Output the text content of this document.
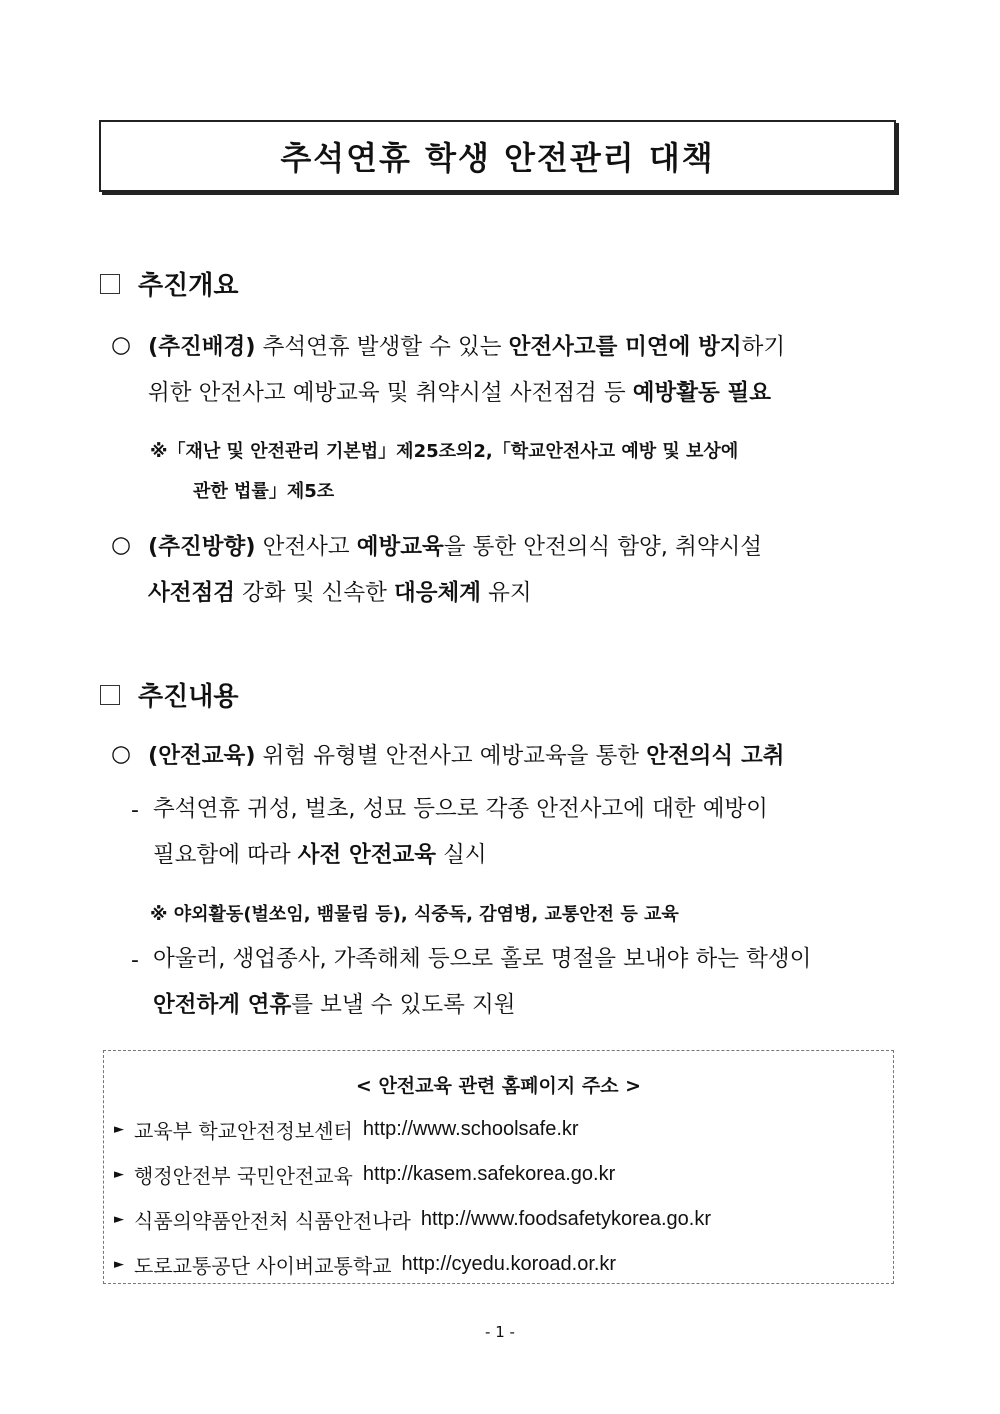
추석연휴 학생 안전관리 대책
추진개요
○ (추진배경) 추석연휴 발생할 수 있는 안전사고를 미연에 방지하기
위한 안전사고 예방교육 및 취약시설 사전점검 등 예방활동 필요
※「재난 및 안전관리 기본법」제25조의2,「학교안전사고 예방 및 보상에
관한 법률」제5조
○ (추진방향) 안전사고 예방교육을 통한 안전의식 함양, 취약시설
사전점검 강화 및 신속한 대응체계 유지
추진내용
○ (안전교육) 위험 유형별 안전사고 예방교육을 통한 안전의식 고취
- 추석연휴 귀성, 벌초, 성묘 등으로 각종 안전사고에 대한 예방이
필요함에 따라 사전 안전교육 실시
※ 야외활동(벌쏘임, 뱀물림 등), 식중독, 감염병, 교통안전 등 교육
- 아울러, 생업종사, 가족해체 등으로 홀로 명절을 보내야 하는 학생이
안전하게 연휴를 보낼 수 있도록 지원
< 안전교육 관련 홈페이지 주소 >
► 교육부 학교안전정보센터 http://www.schoolsafe.kr
► 행정안전부 국민안전교육 http://kasem.safekorea.go.kr
► 식품의약품안전처 식품안전나라 http://www.foodsafetykorea.go.kr
► 도로교통공단 사이버교통학교 http://cyedu.koroad.or.kr
- 1 -
